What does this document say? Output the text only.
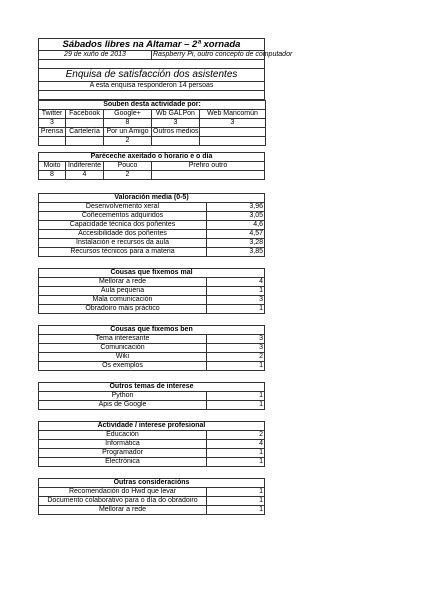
Sábados libres na Altamar – 2ª xornada
29 de xuño de 2013	Raspberry Pi, outro concepto de computador

Enquisa de satisfacción dos asistentes
A esta enquisa responderon 14 persoas

Souben desta actividade por:				
Twitter	Facebook	Google+	Wb GALPon	Web Mancomún
3		8	3	3
Prensa	Cartelería	Por un Amigo	Outros medios	
		2		
Paréceche axeitado o horario e o día			
Moito	Indiferente	Pouco	Prefiro outro
8	4	2	
Valoración media (0-5)	
Desenvolvemento xeral	3,96
Coñecementos adquiridos	3,05
Capacidade técnica dos poñentes	4,6
Accesibilidade dos poñentes	4,57
Instalación e recursos da aula	3,28
Recursos técnicos para a materia	3,85
Cousas que fixemos mal	
Mellorar a rede	4
Aula pequena	1
Mala comunicación	3
Obradoiro máis práctico	1
Cousas que fixemos ben	
Tema interesante	3
Comunicación	3
Wiki	2
Os exemplos	1
Outros temas de interese	
Python	1
Apis de Google	1
Actividade / interese profesional	
Educación	2
Informática	4
Programador	1
Electrónica	1
Outras consideracións	
Recomendación do Hwd que levar	1
Documento colaborativo para o día do obradoiro	1
Mellorar a rede	1
